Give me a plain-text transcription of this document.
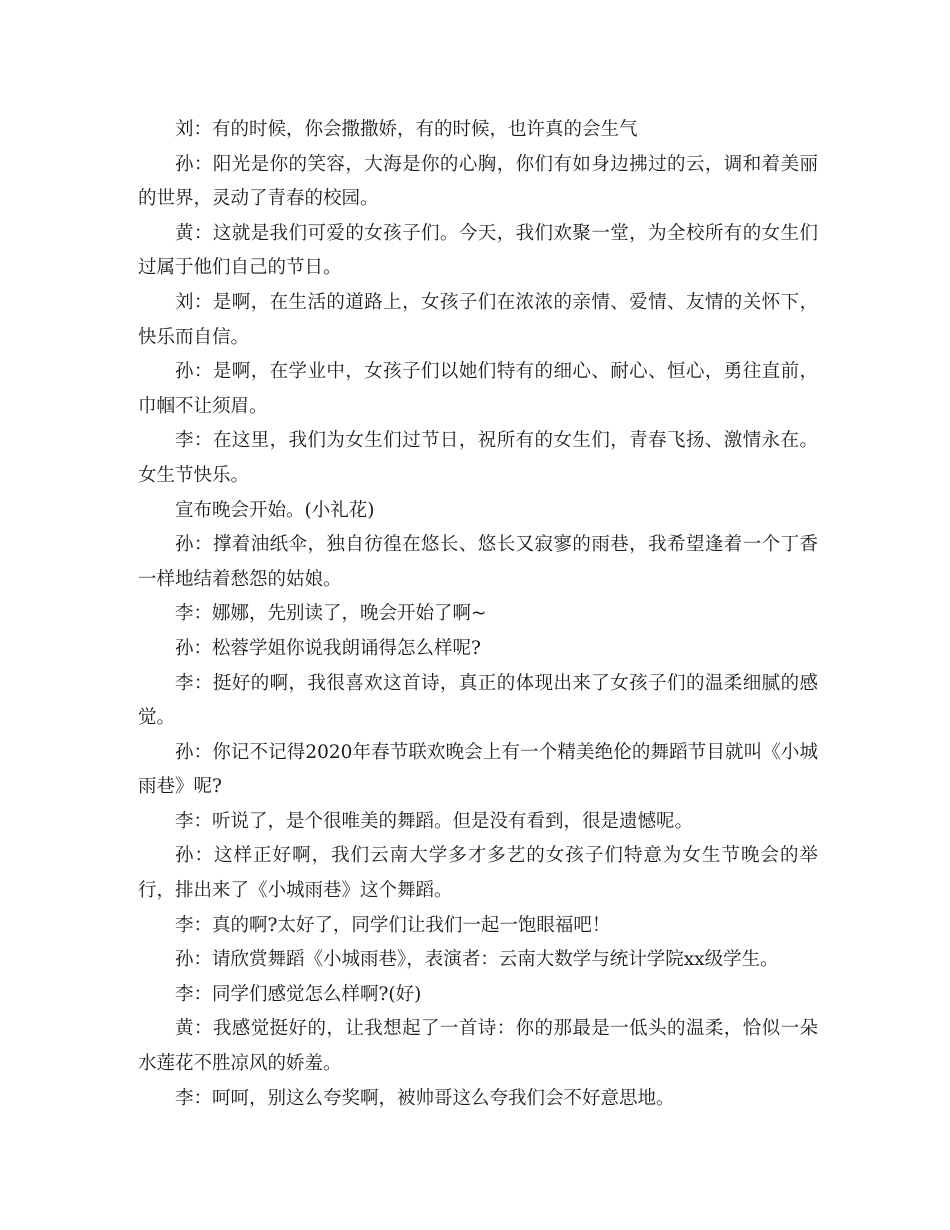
刘：有的时候，你会撒撒娇，有的时候，也许真的会生气

孙：阳光是你的笑容，大海是你的心胸，你们有如身边拂过的云，调和着美丽的世界，灵动了青春的校园。

黄：这就是我们可爱的女孩子们。今天，我们欢聚一堂，为全校所有的女生们过属于他们自己的节日。

刘：是啊，在生活的道路上，女孩子们在浓浓的亲情、爱情、友情的关怀下，快乐而自信。

孙：是啊，在学业中，女孩子们以她们特有的细心、耐心、恒心，勇往直前，巾帼不让须眉。

李：在这里，我们为女生们过节日，祝所有的女生们，青春飞扬、激情永在。女生节快乐。

宣布晚会开始。(小礼花)

孙：撑着油纸伞，独自彷徨在悠长、悠长又寂寥的雨巷，我希望逢着一个丁香一样地结着愁怨的姑娘。

李：娜娜，先别读了，晚会开始了啊~

孙：松蓉学姐你说我朗诵得怎么样呢?

李：挺好的啊，我很喜欢这首诗，真正的体现出来了女孩子们的温柔细腻的感觉。

孙：你记不记得2020年春节联欢晚会上有一个精美绝伦的舞蹈节目就叫《小城雨巷》呢?

李：听说了，是个很唯美的舞蹈。但是没有看到，很是遗憾呢。

孙：这样正好啊，我们云南大学多才多艺的女孩子们特意为女生节晚会的举行，排出来了《小城雨巷》这个舞蹈。

李：真的啊?太好了，同学们让我们一起一饱眼福吧！

孙：请欣赏舞蹈《小城雨巷》，表演者：云南大数学与统计学院xx级学生。

李：同学们感觉怎么样啊?(好)

黄：我感觉挺好的，让我想起了一首诗：你的那最是一低头的温柔，恰似一朵水莲花不胜凉风的娇羞。

李：呵呵，别这么夸奖啊，被帅哥这么夸我们会不好意思地。
